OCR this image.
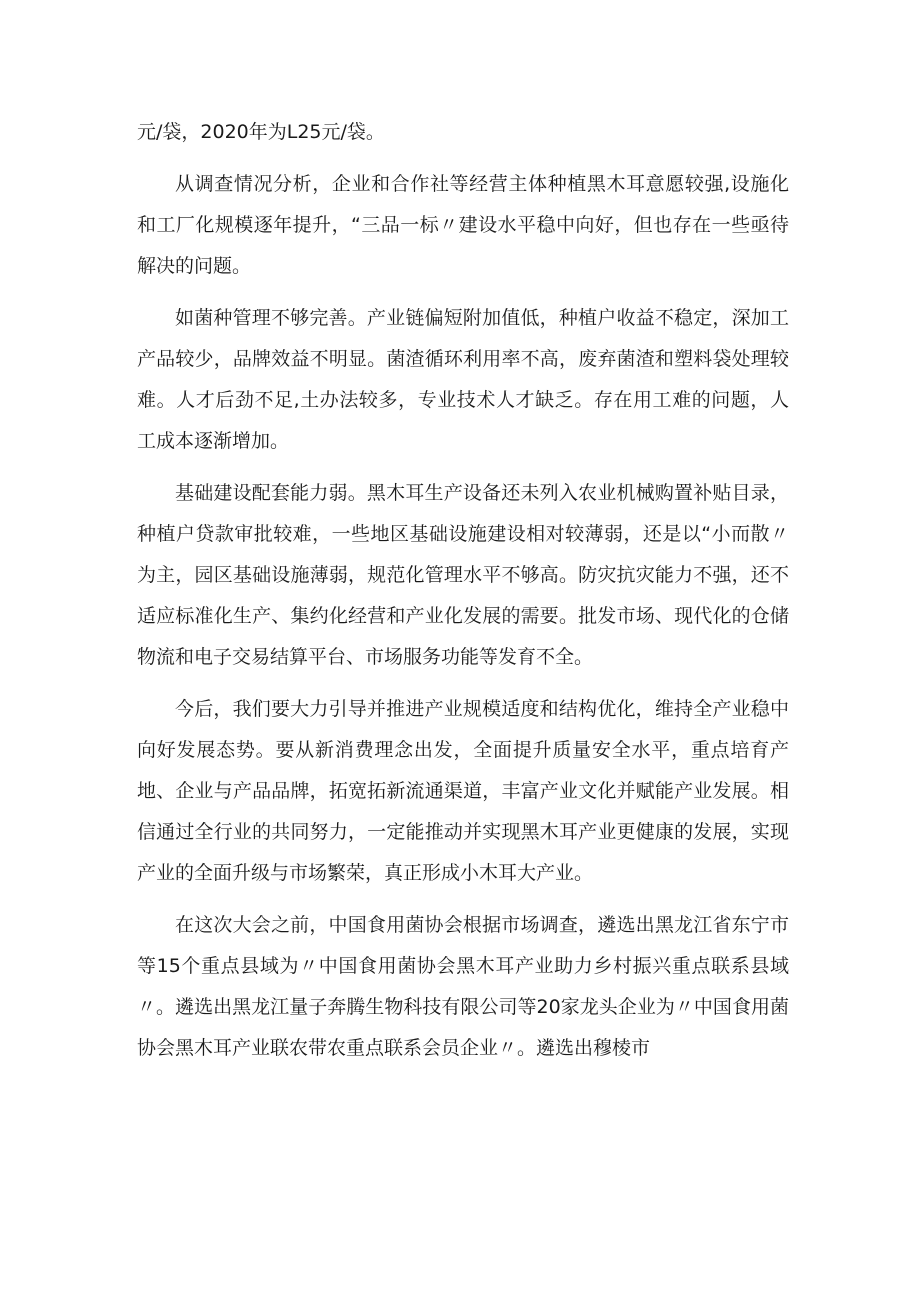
元/袋，2020年为L25元/袋。

从调查情况分析，企业和合作社等经营主体种植黑木耳意愿较强,设施化和工厂化规模逐年提升，“三品一标〃建设水平稳中向好，但也存在一些亟待解决的问题。

如菌种管理不够完善。产业链偏短附加值低，种植户收益不稳定，深加工产品较少，品牌效益不明显。菌渣循环利用率不高，废弃菌渣和塑料袋处理较难。人才后劲不足,土办法较多，专业技术人才缺乏。存在用工难的问题，人工成本逐渐增加。

基础建设配套能力弱。黑木耳生产设备还未列入农业机械购置补贴目录，种植户贷款审批较难，一些地区基础设施建设相对较薄弱，还是以“小而散〃为主，园区基础设施薄弱，规范化管理水平不够高。防灾抗灾能力不强，还不适应标准化生产、集约化经营和产业化发展的需要。批发市场、现代化的仓储物流和电子交易结算平台、市场服务功能等发育不全。

今后，我们要大力引导并推进产业规模适度和结构优化，维持全产业稳中向好发展态势。要从新消费理念出发，全面提升质量安全水平，重点培育产地、企业与产品品牌，拓宽拓新流通渠道，丰富产业文化并赋能产业发展。相信通过全行业的共同努力，一定能推动并实现黑木耳产业更健康的发展，实现产业的全面升级与市场繁荣，真正形成小木耳大产业。

在这次大会之前，中国食用菌协会根据市场调查，遴选出黑龙江省东宁市等15个重点县域为〃中国食用菌协会黑木耳产业助力乡村振兴重点联系县域〃。遴选出黑龙江量子奔腾生物科技有限公司等20家龙头企业为〃中国食用菌协会黑木耳产业联农带农重点联系会员企业〃。遴选出穆棱市
